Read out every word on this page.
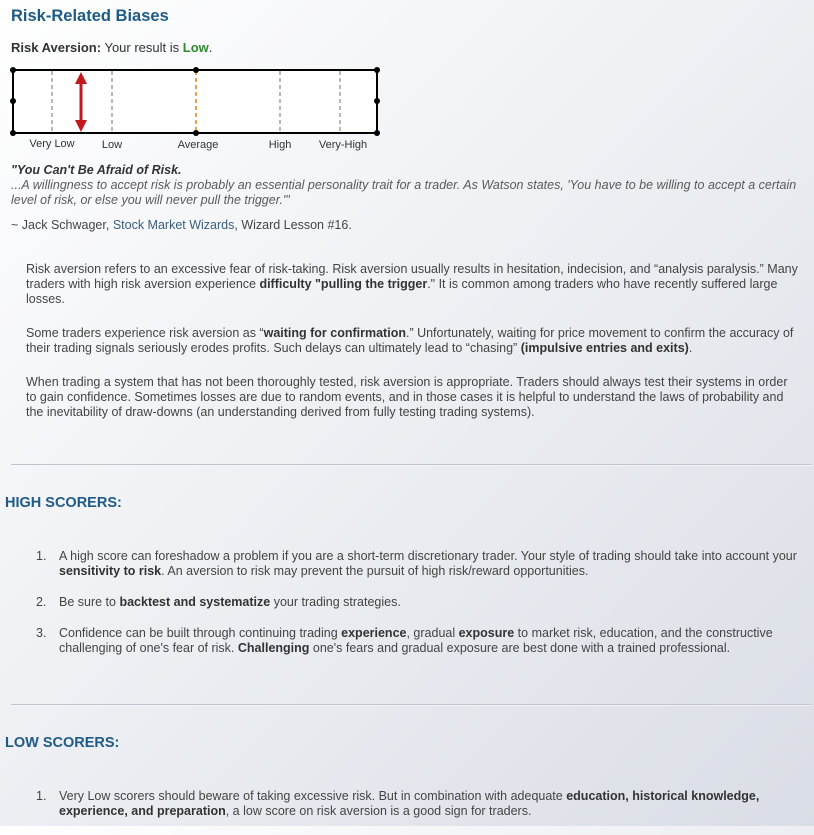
Risk-Related Biases
Risk Aversion: Your result is Low.
Very Low Low	Average	High	Very-High
"You Can't Be Afraid of Risk.
...A willingness to accept risk is probably an essential personality trait for a trader. As Watson states, 'You have to be willing to accept a certain level of risk, or else you will never pull the trigger.'"
~ Jack Schwager, Stock Market Wizards, Wizard Lesson #16.

Risk aversion refers to an excessive fear of risk-taking. Risk aversion usually results in hesitation, indecision, and “analysis paralysis.” Many traders with high risk aversion experience difficulty "pulling the trigger." It is common among traders who have recently suffered large losses.

Some traders experience risk aversion as “waiting for confirmation.” Unfortunately, waiting for price movement to confirm the accuracy of their trading signals seriously erodes profits. Such delays can ultimately lead to “chasing” (impulsive entries and exits).

When trading a system that has not been thoroughly tested, risk aversion is appropriate. Traders should always test their systems in order to gain confidence. Sometimes losses are due to random events, and in those cases it is helpful to understand the laws of probability and the inevitability of draw-downs (an understanding derived from fully testing trading systems).

HIGH SCORERS:
1. A high score can foreshadow a problem if you are a short-term discretionary trader. Your style of trading should take into account your sensitivity to risk. An aversion to risk may prevent the pursuit of high risk/reward opportunities.
2. Be sure to backtest and systematize your trading strategies.
3. Confidence can be built through continuing trading experience, gradual exposure to market risk, education, and the constructive challenging of one's fear of risk. Challenging one's fears and gradual exposure are best done with a trained professional.
LOW SCORERS:
1. Very Low scorers should beware of taking excessive risk. But in combination with adequate education, historical knowledge, experience, and preparation, a low score on risk aversion is a good sign for traders.
